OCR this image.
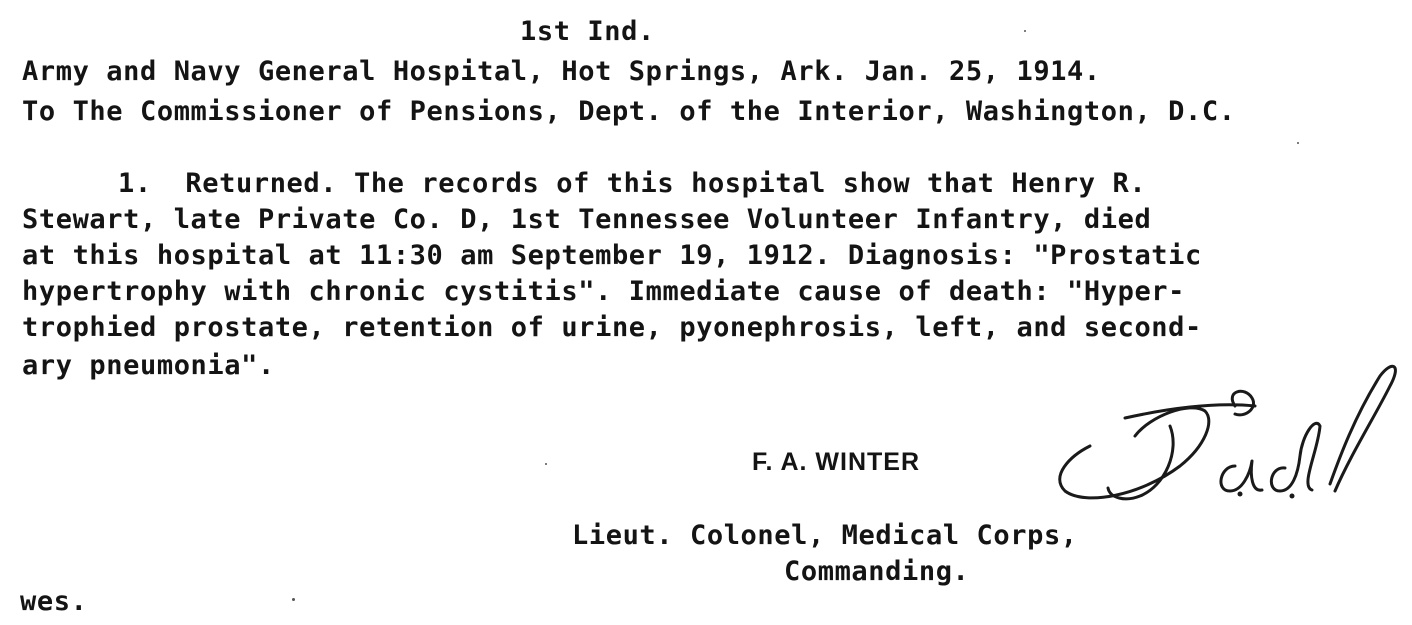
1st Ind.

Army and Navy General Hospital, Hot Springs, Ark. Jan. 25, 1914.

To The Commissioner of Pensions, Dept. of the Interior, Washington, D.C.

1.  Returned. The records of this hospital show that Henry R.

Stewart, late Private Co. D, 1st Tennessee Volunteer Infantry, died

at this hospital at 11:30 am September 19, 1912. Diagnosis: "Prostatic

hypertrophy with chronic cystitis". Immediate cause of death: "Hyper-

trophied prostate, retention of urine, pyonephrosis, left, and second-

ary pneumonia".

F. A. WINTER

Lieut. Colonel, Medical Corps,

Commanding.

wes.
